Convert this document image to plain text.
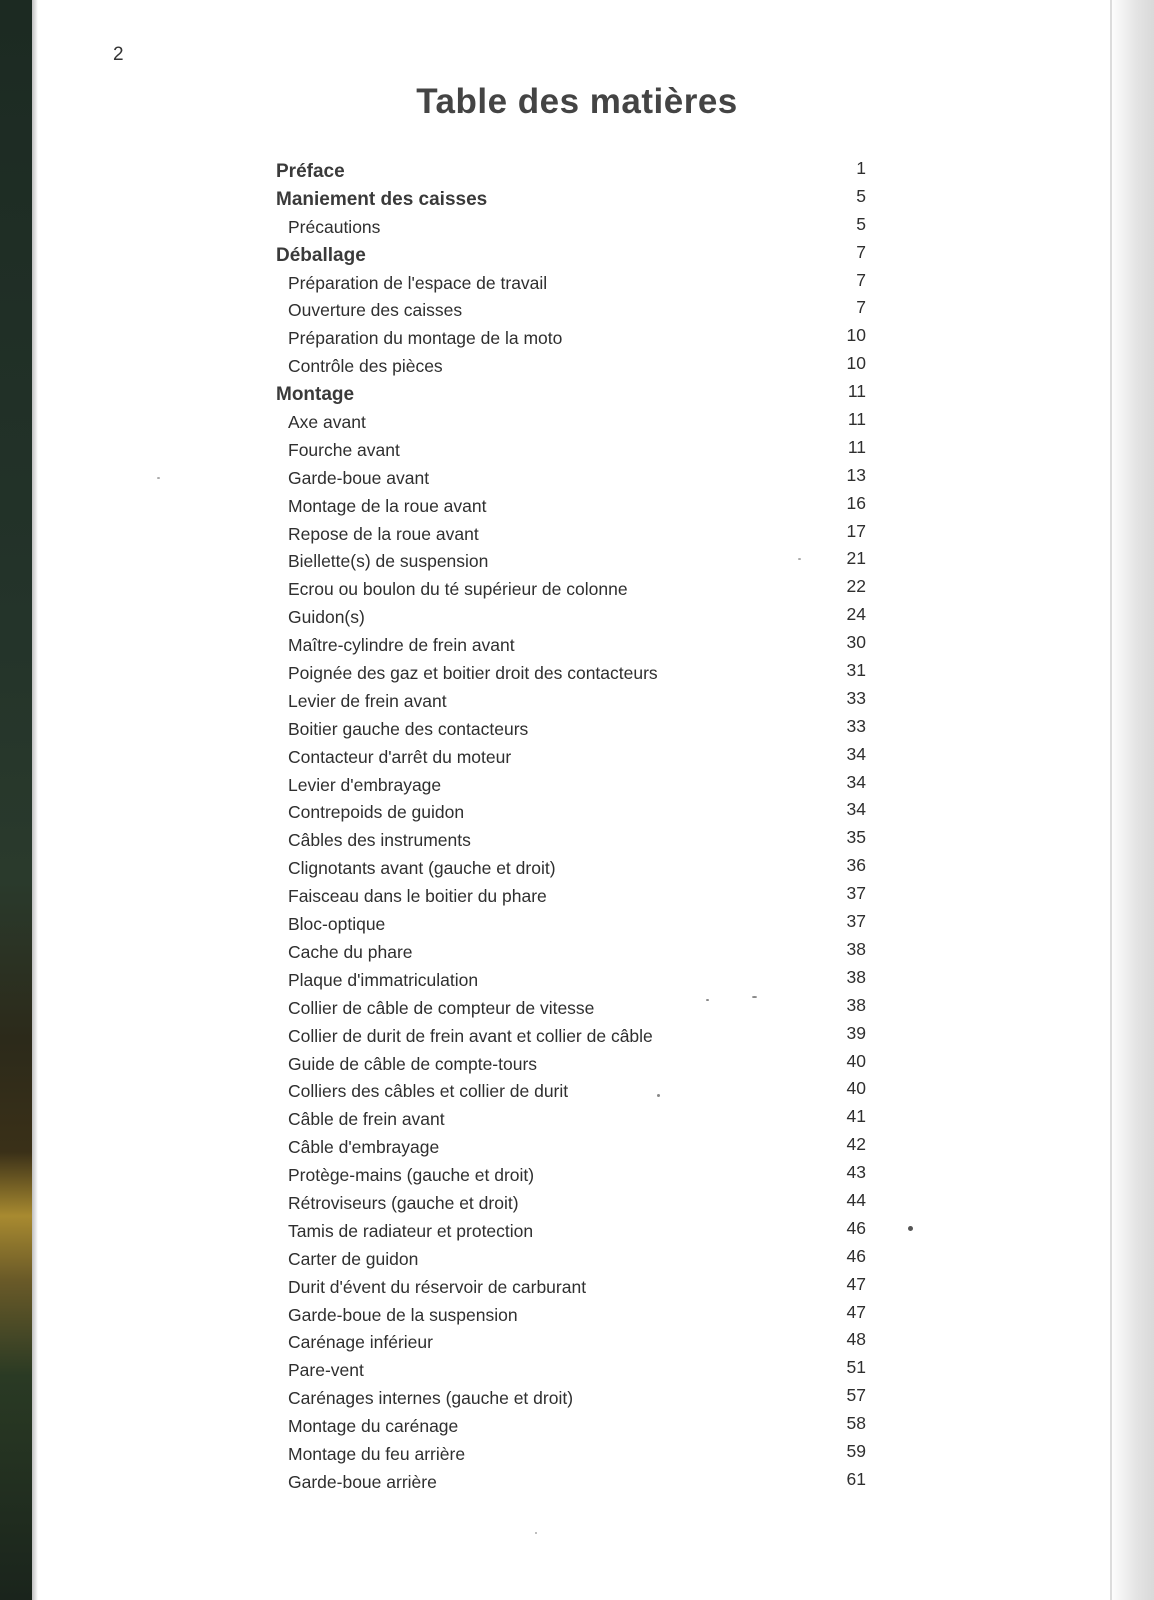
2
Table des matières
Préface	1
Maniement des caisses	5
Précautions	5
Déballage	7
Préparation de l'espace de travail	7
Ouverture des caisses	7
Préparation du montage de la moto	10
Contrôle des pièces	10
Montage	11
Axe avant	11
Fourche avant	11
Garde-boue avant	13
Montage de la roue avant	16
Repose de la roue avant	17
Biellette(s) de suspension	21
Ecrou ou boulon du té supérieur de colonne	22
Guidon(s)	24
Maître-cylindre de frein avant	30
Poignée des gaz et boitier droit des contacteurs	31
Levier de frein avant	33
Boitier gauche des contacteurs	33
Contacteur d'arrêt du moteur	34
Levier d'embrayage	34
Contrepoids de guidon	34
Câbles des instruments	35
Clignotants avant (gauche et droit)	36
Faisceau dans le boitier du phare	37
Bloc-optique	37
Cache du phare	38
Plaque d'immatriculation	38
Collier de câble de compteur de vitesse	38
Collier de durit de frein avant et collier de câble	39
Guide de câble de compte-tours	40
Colliers des câbles et collier de durit	40
Câble de frein avant	41
Câble d'embrayage	42
Protège-mains (gauche et droit)	43
Rétroviseurs (gauche et droit)	44
Tamis de radiateur et protection	46
Carter de guidon	46
Durit d'évent du réservoir de carburant	47
Garde-boue de la suspension	47
Carénage inférieur	48
Pare-vent	51
Carénages internes (gauche et droit)	57
Montage du carénage	58
Montage du feu arrière	59
Garde-boue arrière	61
